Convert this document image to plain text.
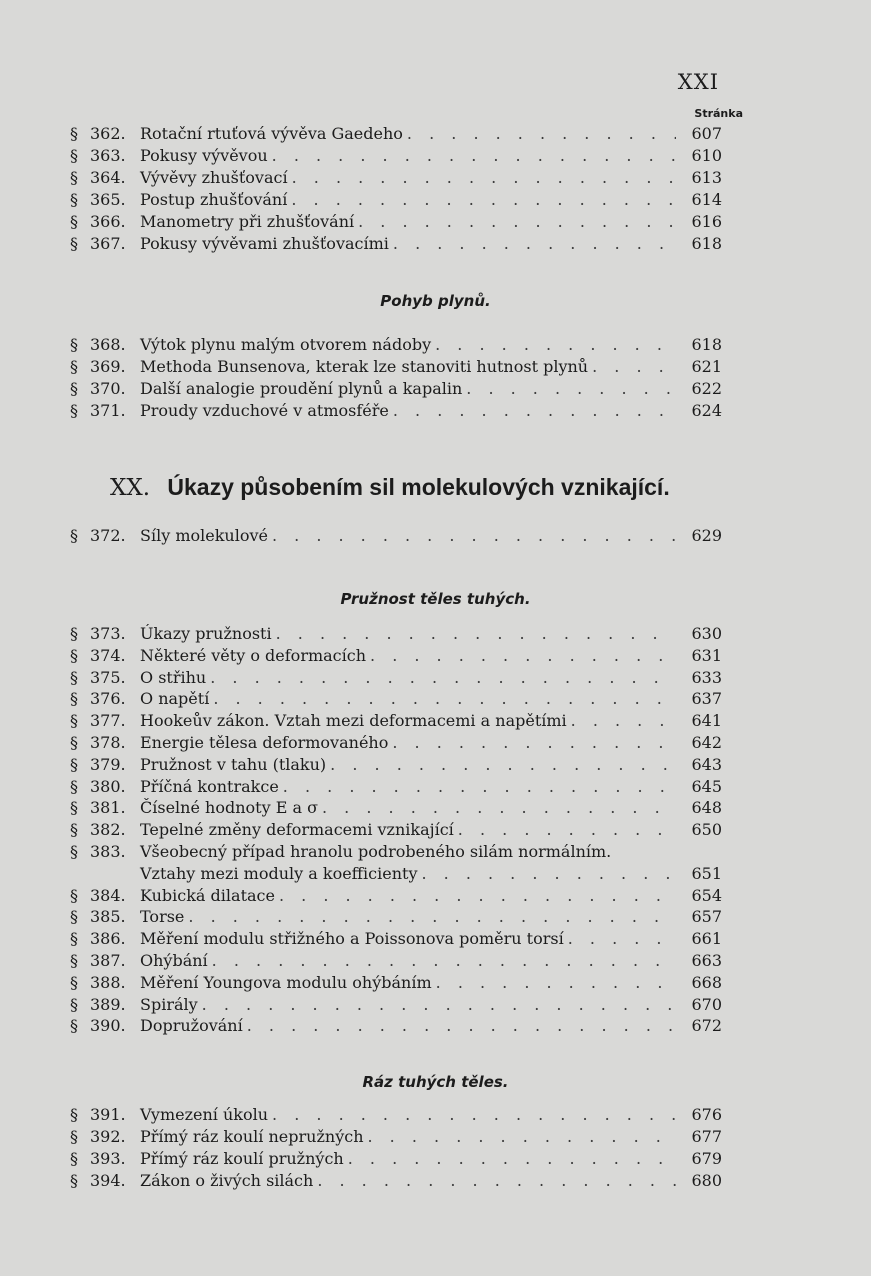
XXI
Stránka
§ 362. Rotační rtuťová vývěva Gaedeho . . .	607
§ 363. Pokusy vývěvou . . .	610
§ 364. Vývěvy zhušťovací . . .	613
§ 365. Postup zhušťování . . .	614
§ 366. Manometry při zhušťování . . .	616
§ 367. Pokusy vývěvami zhušťovacími . . .	618
Pohyb plynů.
§ 368. Výtok plynu malým otvorem nádoby . . .	618
§ 369. Methoda Bunsenova, kterak lze stanoviti hutnost plynů . . .	621
§ 370. Další analogie proudění plynů a kapalin . . .	622
§ 371. Proudy vzduchové v atmosféře . . .	624
XX. Úkazy působením sil molekulových vznikající.
§ 372. Síly molekulové . . .	629
Pružnost těles tuhých.
§ 373. Úkazy pružnosti . . .	630
§ 374. Některé věty o deformacích . . .	631
§ 375. O střihu . . .	633
§ 376. O napětí . . .	637
§ 377. Hookeův zákon. Vztah mezi deformacemi a napětími . . .	641
§ 378. Energie tělesa deformovaného . . .	642
§ 379. Pružnost v tahu (tlaku) . . .	643
§ 380. Příčná kontrakce . . .	645
§ 381. Číselné hodnoty E a σ . . .	648
§ 382. Tepelné změny deformacemi vznikající . . .	650
§ 383. Všeobecný případ hranolu podrobeného silám normálním.
Vztahy mezi moduly a koefficienty . . .	651
§ 384. Kubická dilatace . . .	654
§ 385. Torse . . .	657
§ 386. Měření modulu střižného a Poissonova poměru torsí . . .	661
§ 387. Ohýbání . . .	663
§ 388. Měření Youngova modulu ohýbáním . . .	668
§ 389. Spirály . . .	670
§ 390. Dopružování . . .	672
Ráz tuhých těles.
§ 391. Vymezení úkolu . . .	676
§ 392. Přímý ráz koulí nepružných . . .	677
§ 393. Přímý ráz koulí pružných . . .	679
§ 394. Zákon o živých silách . . .	680
